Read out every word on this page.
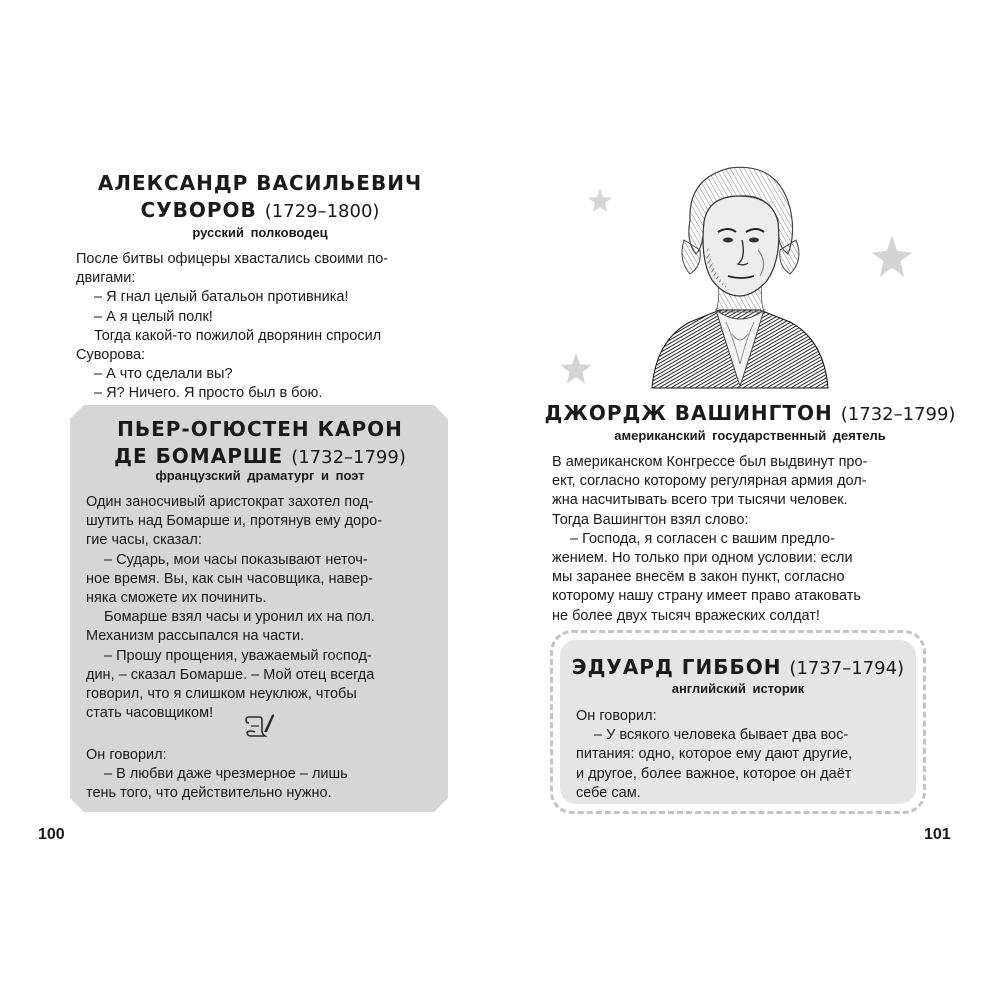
АЛЕКСАНДР ВАСИЛЬЕВИЧ
СУВОРОВ (1729–1800)
русский полководец

После битвы офицеры хвастались своими по-

двигами:

– Я гнал целый батальон противника!

– А я целый полк!

Тогда какой-то пожилой дворянин спросил

Суворова:

– А что сделали вы?

– Я? Ничего. Я просто был в бою.

ПЬЕР-ОГЮСТЕН КАРОН
ДЕ БОМАРШЕ (1732–1799)
французский драматург и поэт

Один заносчивый аристократ захотел под-

шутить над Бомарше и, протянув ему доро-

гие часы, сказал:

– Сударь, мои часы показывают неточ-

ное время. Вы, как сын часовщика, навер-

няка сможете их починить.

Бомарше взял часы и уронил их на пол.

Механизм рассыпался на части.

– Прошу прощения, уважаемый господ-

дин, – сказал Бомарше. – Мой отец всегда

говорил, что я слишком неуклюж, чтобы

стать часовщиком!

Он говорил:

– В любви даже чрезмерное – лишь

тень того, что действительно нужно.

100
ДЖОРДЖ ВАШИНГТОН (1732–1799)
американский государственный деятель

В американском Конгрессе был выдвинут про-

ект, согласно которому регулярная армия дол-

жна насчитывать всего три тысячи человек.

Тогда Вашингтон взял слово:

– Господа, я согласен с вашим предло-

жением. Но только при одном условии: если

мы заранее внесём в закон пункт, согласно

которому нашу страну имеет право атаковать

не более двух тысяч вражеских солдат!

ЭДУАРД ГИББОН (1737–1794)
английский историк

Он говорил:

– У всякого человека бывает два вос-

питания: одно, которое ему дают другие,

и другое, более важное, которое он даёт

себе сам.

101
